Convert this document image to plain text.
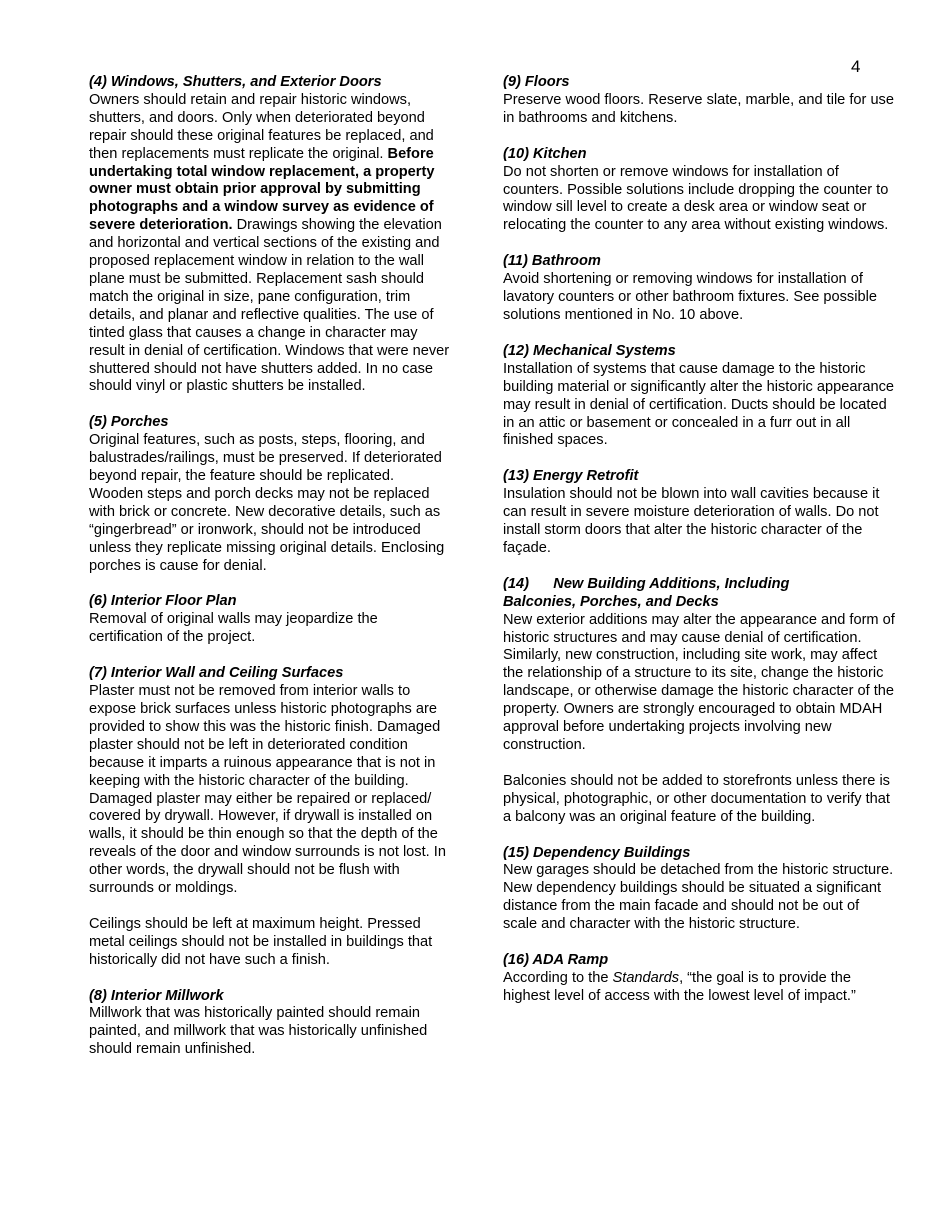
4

(4) Windows, Shutters, and Exterior Doors

Owners should retain and repair historic windows, shutters, and doors. Only when deteriorated beyond repair should these original features be replaced, and then replacements must replicate the original. Before undertaking total window replacement, a property owner must obtain prior approval by submitting photographs and a window survey as evidence of severe deterioration. Drawings showing the elevation and horizontal and vertical sections of the existing and proposed replacement window in relation to the wall plane must be submitted. Replacement sash should match the original in size, pane configuration, trim details, and planar and reflective qualities. The use of tinted glass that causes a change in character may result in denial of certification. Windows that were never shuttered should not have shutters added. In no case should vinyl or plastic shutters be installed.

(5) Porches

Original features, such as posts, steps, flooring, and balustrades/railings, must be preserved. If deteriorated beyond repair, the feature should be replicated. Wooden steps and porch decks may not be replaced with brick or concrete. New decorative details, such as “gingerbread” or ironwork, should not be introduced unless they replicate missing original details. Enclosing porches is cause for denial.

(6) Interior Floor Plan

Removal of original walls may jeopardize the certification of the project.

(7) Interior Wall and Ceiling Surfaces

Plaster must not be removed from interior walls to expose brick surfaces unless historic photographs are provided to show this was the historic finish. Damaged plaster should not be left in deteriorated condition because it imparts a ruinous appearance that is not in keeping with the historic character of the building. Damaged plaster may either be repaired or replaced/ covered by drywall. However, if drywall is installed on walls, it should be thin enough so that the depth of the reveals of the door and window surrounds is not lost. In other words, the drywall should not be flush with surrounds or moldings.

Ceilings should be left at maximum height. Pressed metal ceilings should not be installed in buildings that historically did not have such a finish.

(8) Interior Millwork

Millwork that was historically painted should remain painted, and millwork that was historically unfinished should remain unfinished.

(9) Floors

Preserve wood floors. Reserve slate, marble, and tile for use in bathrooms and kitchens.

(10) Kitchen

Do not shorten or remove windows for installation of counters. Possible solutions include dropping the counter to window sill level to create a desk area or window seat or relocating the counter to any area without existing windows.

(11) Bathroom

Avoid shortening or removing windows for installation of lavatory counters or other bathroom fixtures. See possible solutions mentioned in No. 10 above.

(12) Mechanical Systems

Installation of systems that cause damage to the historic building material or significantly alter the historic appearance may result in denial of certification. Ducts should be located in an attic or basement or concealed in a furr out in all finished spaces.

(13) Energy Retrofit

Insulation should not be blown into wall cavities because it can result in severe moisture deterioration of walls. Do not install storm doors that alter the historic character of the façade.

(14)      New Building Additions, Including

Balconies, Porches, and Decks

New exterior additions may alter the appearance and form of historic structures and may cause denial of certification. Similarly, new construction, including site work, may affect the relationship of a structure to its site, change the historic landscape, or otherwise damage the historic character of the property. Owners are strongly encouraged to obtain MDAH approval before undertaking projects involving new construction.

Balconies should not be added to storefronts unless there is physical, photographic, or other documentation to verify that a balcony was an original feature of the building.

(15) Dependency Buildings

New garages should be detached from the historic structure. New dependency buildings should be situated a significant distance from the main facade and should not be out of scale and character with the historic structure.

(16) ADA Ramp

According to the Standards, “the goal is to provide the highest level of access with the lowest level of impact.”
